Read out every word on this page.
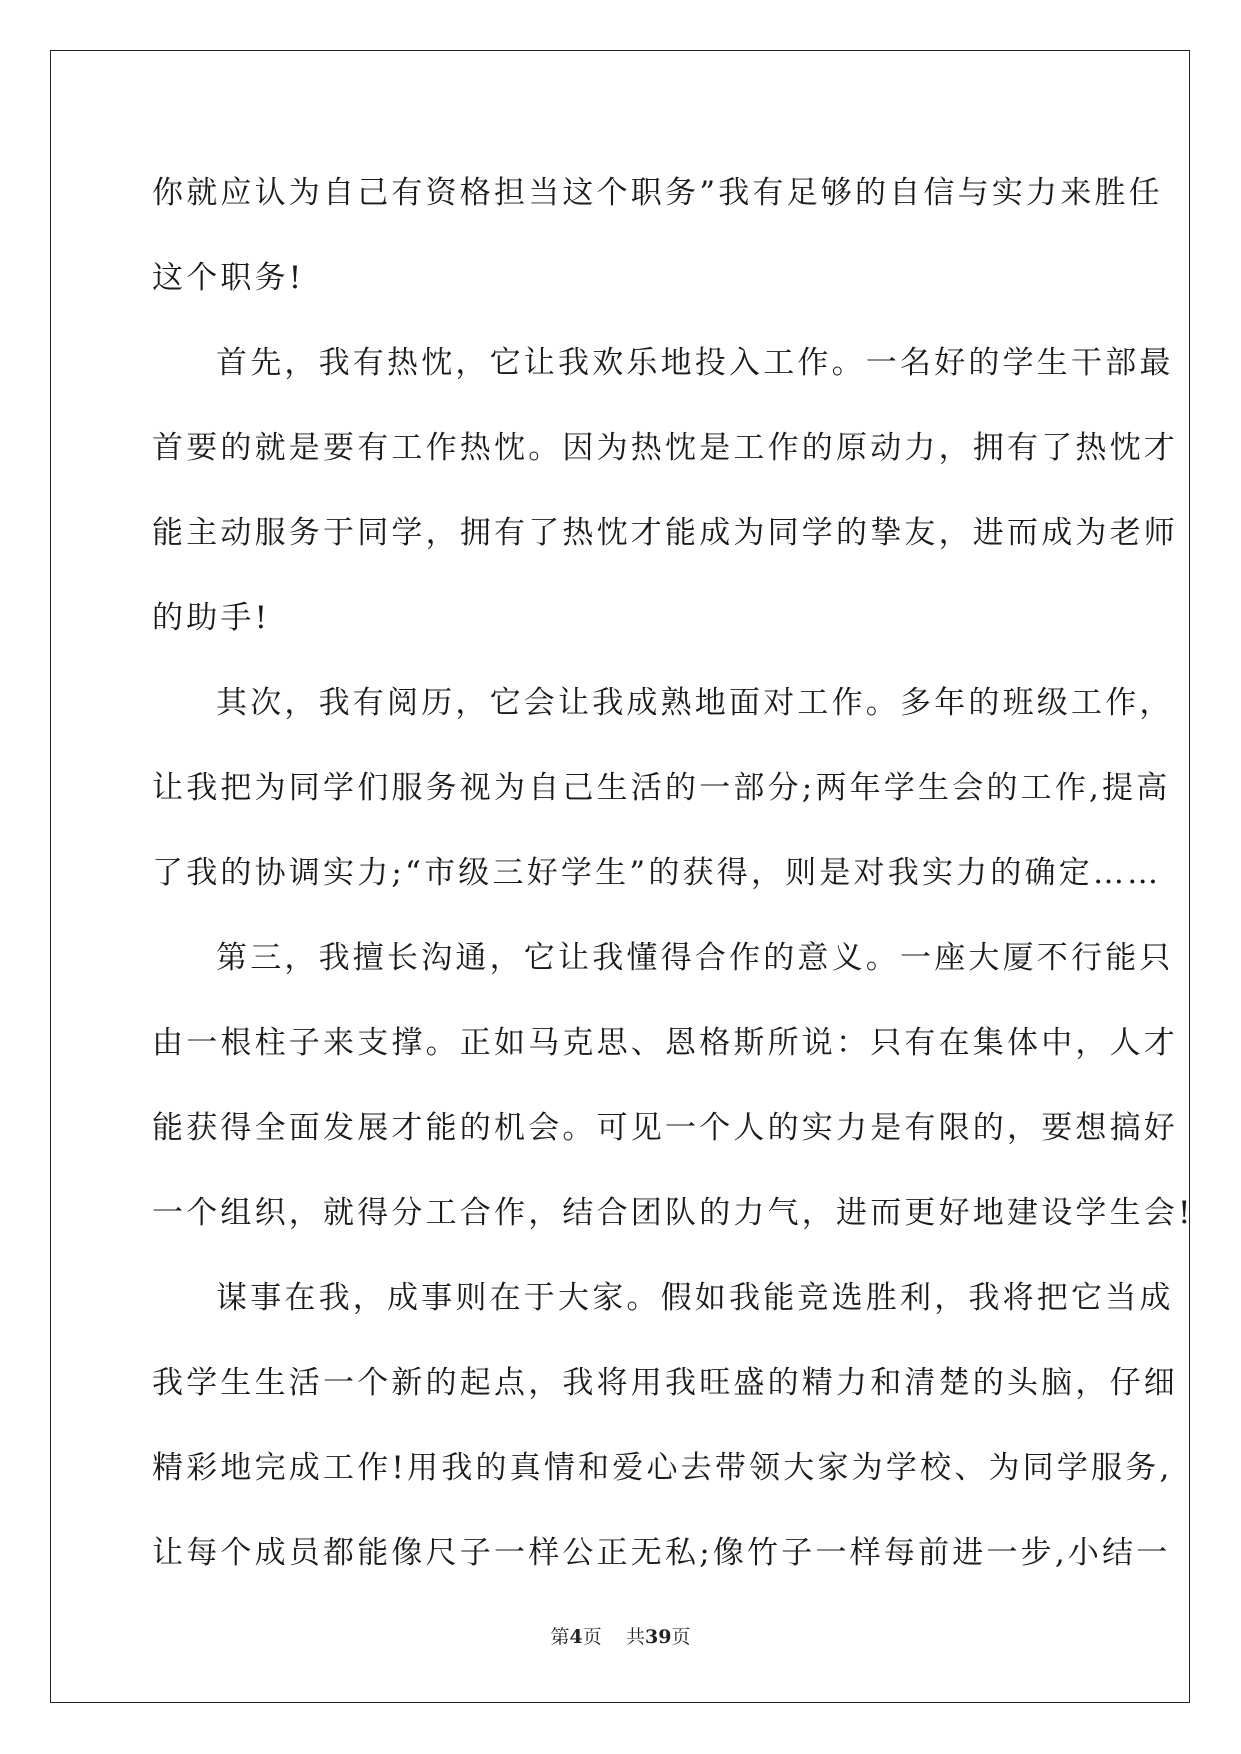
你就应认为自己有资格担当这个职务”我有足够的自信与实力来胜任
这个职务!
首先，我有热忱，它让我欢乐地投入工作。一名好的学生干部最
首要的就是要有工作热忱。因为热忱是工作的原动力，拥有了热忱才
能主动服务于同学，拥有了热忱才能成为同学的挚友，进而成为老师
的助手!
其次，我有阅历，它会让我成熟地面对工作。多年的班级工作，
让我把为同学们服务视为自己生活的一部分;两年学生会的工作,提高
了我的协调实力;“市级三好学生”的获得，则是对我实力的确定……
第三，我擅长沟通，它让我懂得合作的意义。一座大厦不行能只
由一根柱子来支撑。正如马克思、恩格斯所说：只有在集体中，人才
能获得全面发展才能的机会。可见一个人的实力是有限的，要想搞好
一个组织，就得分工合作，结合团队的力气，进而更好地建设学生会!
谋事在我，成事则在于大家。假如我能竞选胜利，我将把它当成
我学生生活一个新的起点，我将用我旺盛的精力和清楚的头脑，仔细
精彩地完成工作!用我的真情和爱心去带领大家为学校、为同学服务,
让每个成员都能像尺子一样公正无私;像竹子一样每前进一步,小结一
第4页 共39页
